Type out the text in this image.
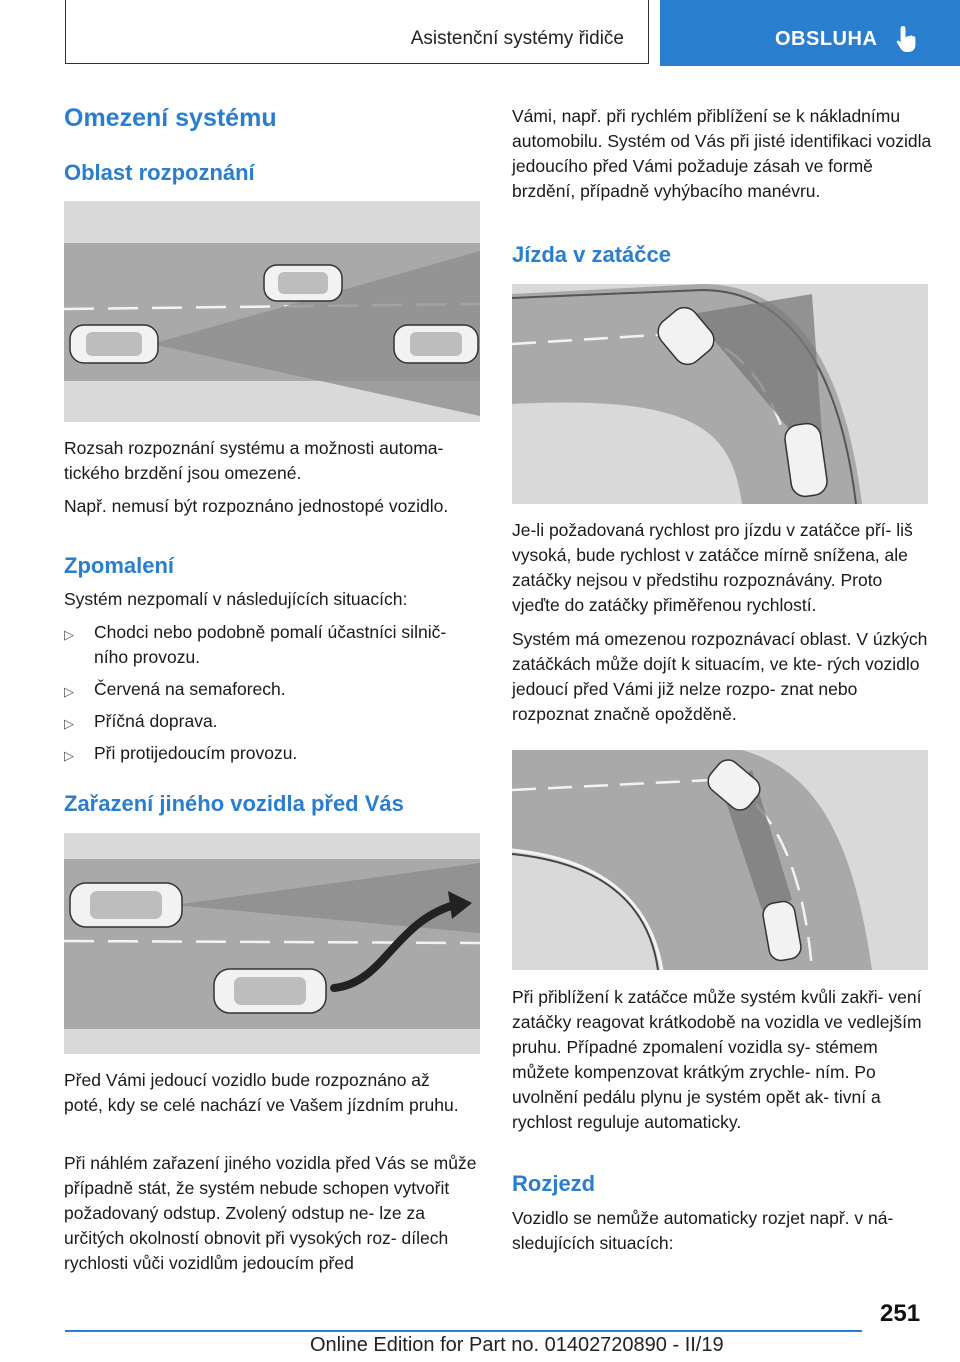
Asistenční systémy řidiče	OBSLUHA
Omezení systému
Oblast rozpoznání

Rozsah rozpoznání systému a možnosti automa- tického brzdění jsou omezené.

Např. nemusí být rozpoznáno jednostopé vozidlo.

Zpomalení

Systém nezpomalí v následujících situacích:

▷ Chodci nebo podobně pomalí účastníci silnič- ního provozu.
▷ Červená na semaforech.
▷ Příčná doprava.
▷ Při protijedoucím provozu.
Zařazení jiného vozidla před Vás

Před Vámi jedoucí vozidlo bude rozpoznáno až poté, kdy se celé nachází ve Vašem jízdním pruhu.

Při náhlém zařazení jiného vozidla před Vás se může případně stát, že systém nebude schopen vytvořit požadovaný odstup. Zvolený odstup ne- lze za určitých okolností obnovit při vysokých roz- dílech rychlosti vůči vozidlům jedoucím před

Vámi, např. při rychlém přiblížení se k nákladnímu automobilu. Systém od Vás při jisté identifikaci vozidla jedoucího před Vámi požaduje zásah ve formě brzdění, případně vyhýbacího manévru.

Jízda v zatáčce

Je-li požadovaná rychlost pro jízdu v zatáčce pří- liš vysoká, bude rychlost v zatáčce mírně snížena, ale zatáčky nejsou v předstihu rozpoznávány. Proto vjeďte do zatáčky přiměřenou rychlostí.

Systém má omezenou rozpoznávací oblast. V úzkých zatáčkách může dojít k situacím, ve kte- rých vozidlo jedoucí před Vámi již nelze rozpo- znat nebo rozpoznat značně opožděně.

Při přiblížení k zatáčce může systém kvůli zakři- vení zatáčky reagovat krátkodobě na vozidla ve vedlejším pruhu. Případné zpomalení vozidla sy- stémem můžete kompenzovat krátkým zrychle- ním. Po uvolnění pedálu plynu je systém opět ak- tivní a rychlost reguluje automaticky.

Rozjezd

Vozidlo se nemůže automaticky rozjet např. v ná- sledujících situacích:

251
Online Edition for Part no. 01402720890 - II/19
